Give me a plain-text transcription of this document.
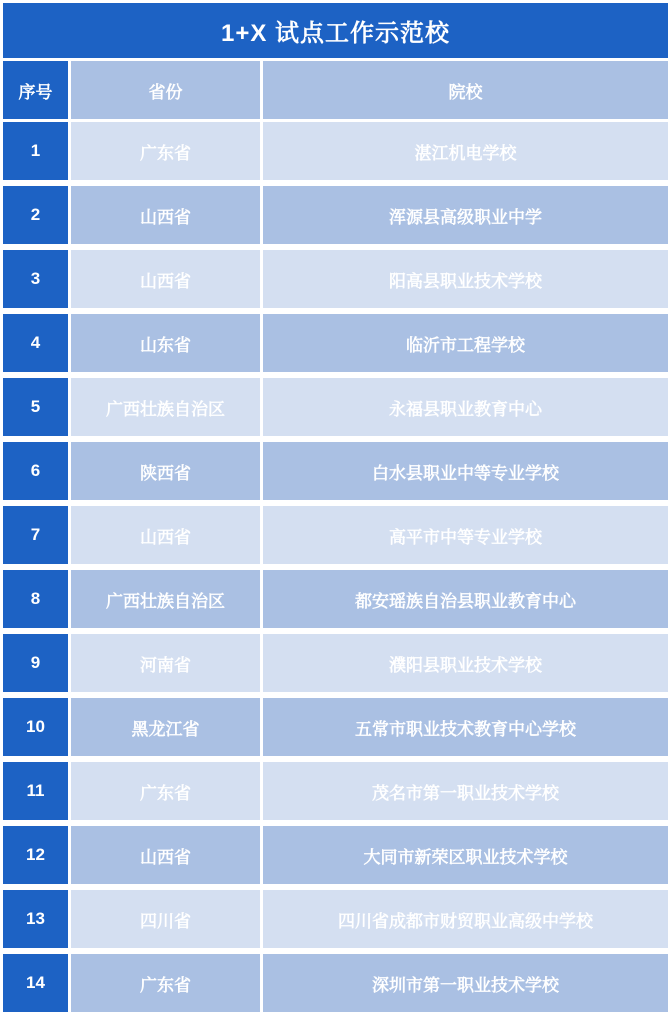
1+X 试点工作示范校
序号	省份	院校
1	广东省	湛江机电学校
2	山西省	浑源县高级职业中学
3	山西省	阳高县职业技术学校
4	山东省	临沂市工程学校
5	广西壮族自治区	永福县职业教育中心
6	陕西省	白水县职业中等专业学校
7	山西省	高平市中等专业学校
8	广西壮族自治区	都安瑶族自治县职业教育中心
9	河南省	濮阳县职业技术学校
10	黑龙江省	五常市职业技术教育中心学校
11	广东省	茂名市第一职业技术学校
12	山西省	大同市新荣区职业技术学校
13	四川省	四川省成都市财贸职业高级中学校
14	广东省	深圳市第一职业技术学校
